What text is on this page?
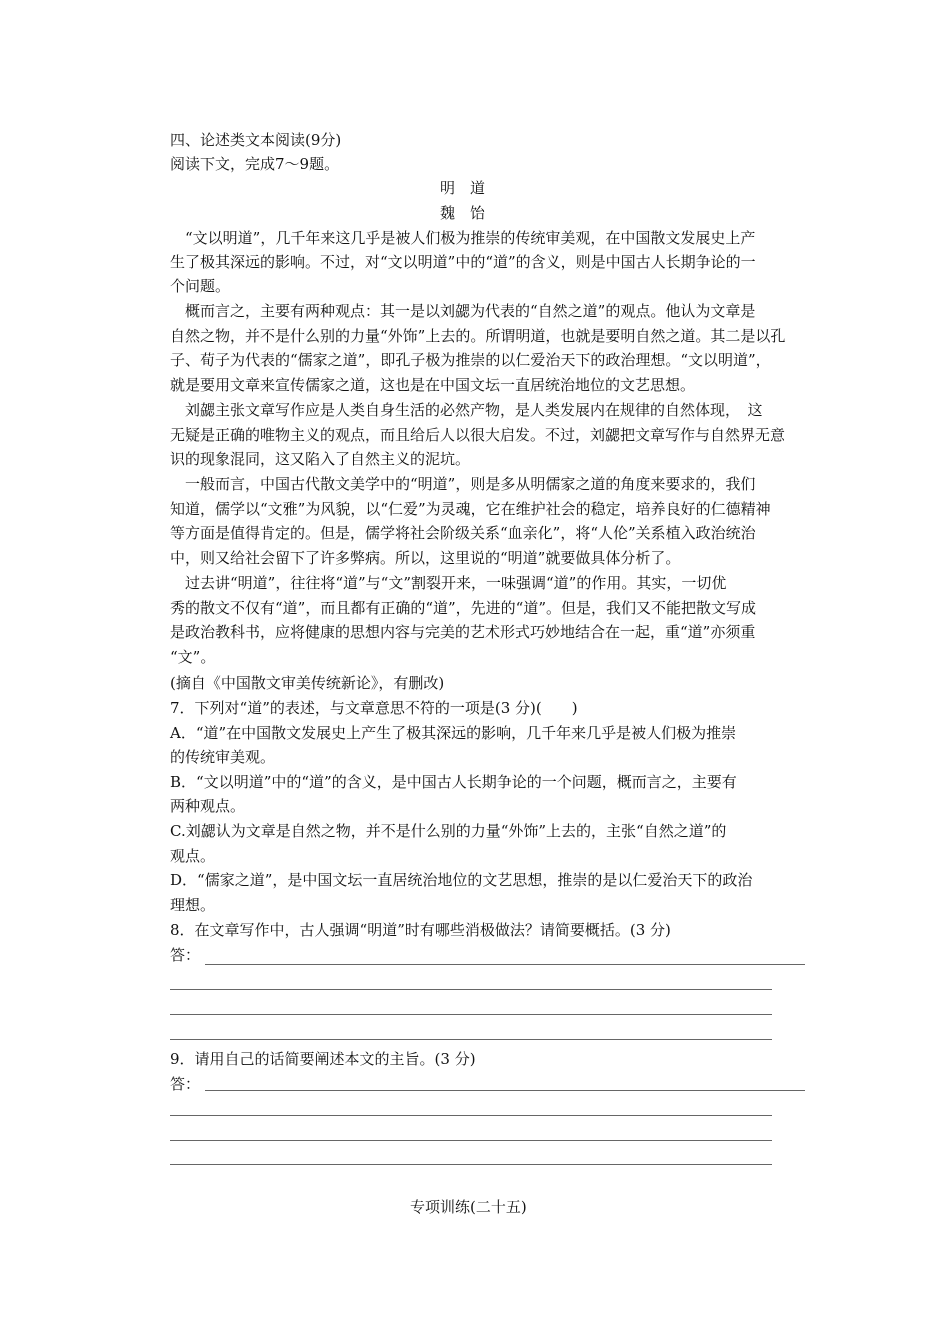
四、论述类文本阅读(9分)
阅读下文，完成7～9题。
明　道
魏　饴
“文以明道”，几千年来这几乎是被人们极为推崇的传统审美观，在中国散文发展史上产
生了极其深远的影响。不过，对“文以明道”中的“道”的含义，则是中国古人长期争论的一
个问题。
概而言之，主要有两种观点：其一是以刘勰为代表的“自然之道”的观点。他认为文章是
自然之物，并不是什么别的力量“外饰”上去的。所谓明道，也就是要明自然之道。其二是以孔
子、荀子为代表的“儒家之道”，即孔子极为推崇的以仁爱治天下的政治理想。“文以明道”，
就是要用文章来宣传儒家之道，这也是在中国文坛一直居统治地位的文艺思想。
刘勰主张文章写作应是人类自身生活的必然产物，是人类发展内在规律的自然体现，　这
无疑是正确的唯物主义的观点，而且给后人以很大启发。不过，刘勰把文章写作与自然界无意
识的现象混同，这又陷入了自然主义的泥坑。
一般而言，中国古代散文美学中的“明道”，则是多从明儒家之道的角度来要求的，我们
知道，儒学以“文雅”为风貌，以“仁爱”为灵魂，它在维护社会的稳定，培养良好的仁德精神
等方面是值得肯定的。但是，儒学将社会阶级关系“血亲化”，将“人伦”关系植入政治统治
中，则又给社会留下了许多弊病。所以，这里说的“明道”就要做具体分析了。
过去讲“明道”，往往将“道”与“文”割裂开来，一味强调“道”的作用。其实，一切优
秀的散文不仅有“道”，而且都有正确的“道”，先进的“道”。但是，我们又不能把散文写成
是政治教科书，应将健康的思想内容与完美的艺术形式巧妙地结合在一起，重“道”亦须重
“文”。
(摘自《中国散文审美传统新论》，有删改)
7．下列对“道”的表述，与文章意思不符的一项是(3 分)(　　)
A．“道”在中国散文发展史上产生了极其深远的影响，几千年来几乎是被人们极为推崇
的传统审美观。
B．“文以明道”中的“道”的含义，是中国古人长期争论的一个问题，概而言之，主要有
两种观点。
C.刘勰认为文章是自然之物，并不是什么别的力量“外饰”上去的，主张“自然之道”的
观点。
D．“儒家之道”，是中国文坛一直居统治地位的文艺思想，推崇的是以仁爱治天下的政治
理想。
8．在文章写作中，古人强调“明道”时有哪些消极做法？请简要概括。(3 分)
答：
9．请用自己的话简要阐述本文的主旨。(3 分)
答：
专项训练(二十五)
